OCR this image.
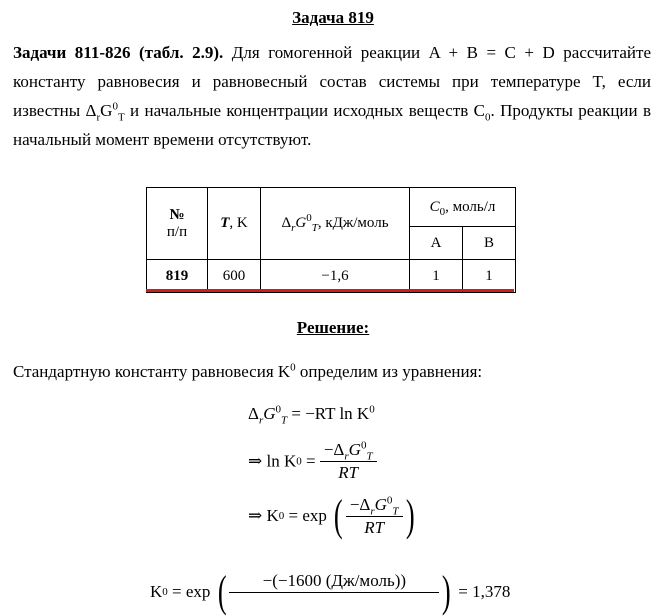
Задача 819
Задачи 811-826 (табл. 2.9). Для гомогенной реакции A + B = C + D рассчитайте константу равновесия и равновесный состав системы при температуре T, если известны $\Delta_rG^0_T$ и начальные концентрации исходных веществ $C_0$. Продукты реакции в начальный момент времени отсутствуют.
№
п/п	T, K	$\Delta_rG^0_T$, кДж/моль	$C_0$, моль/л	
			A	B
819	600	−1,6	1	1
Решение:
Стандартную константу равновесия $K^0$ определим из уравнения:
$\Delta_rG^0_T = -RT$ $\ln K^0$
⇒ $\ln K0 = \frac{-\Delta_rG^0_T}{RT}$
⇒ K0 = exp ( $\frac{-\Delta_rG^0_T}{RT}$ )
K0 = exp (	−(−1600 (Дж/моль))
) = 1,378
